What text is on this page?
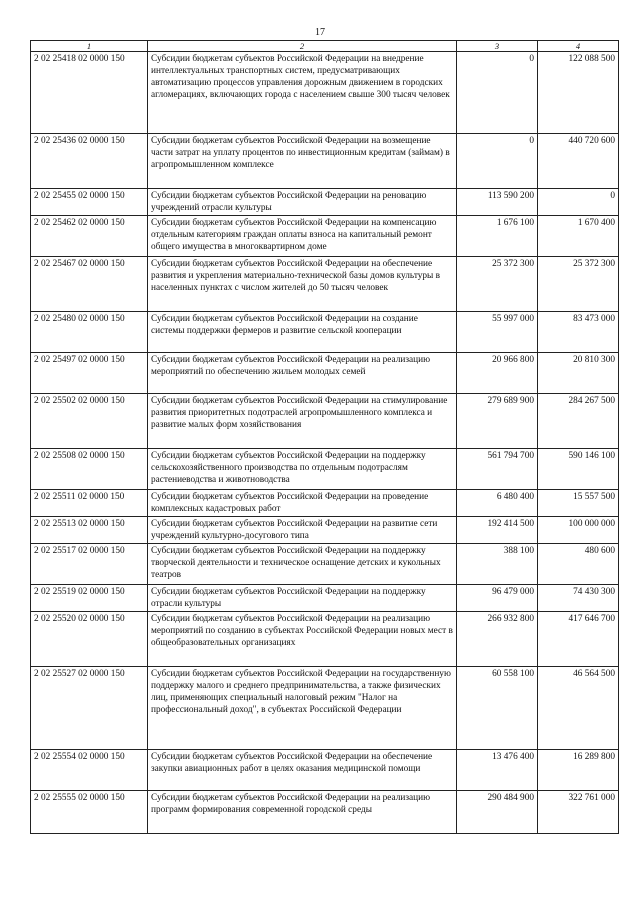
17
1	2	3	4
2 02 25418 02 0000 150	Субсидии бюджетам субъектов Российской Федерации на внедрение интеллектуальных транспортных систем, предусматривающих автоматизацию процессов управления дорожным движением в городских агломерациях, включающих города с населением свыше 300 тысяч человек	0	122 088 500
2 02 25436 02 0000 150	Субсидии бюджетам субъектов Российской Федерации на возмещение части затрат на уплату процентов по инвестиционным кредитам (займам) в агропромышленном комплексе	0	440 720 600
2 02 25455 02 0000 150	Субсидии бюджетам субъектов Российской Федерации на реновацию учреждений отрасли культуры	113 590 200	0
2 02 25462 02 0000 150	Субсидии бюджетам субъектов Российской Федерации на компенсацию отдельным категориям граждан оплаты взноса на капитальный ремонт общего имущества в многоквартирном доме	1 676 100	1 670 400
2 02 25467 02 0000 150	Субсидии бюджетам субъектов Российской Федерации на обеспечение развития и укрепления материально-технической базы домов культуры в населенных пунктах с числом жителей до 50 тысяч человек	25 372 300	25 372 300
2 02 25480 02 0000 150	Субсидии бюджетам субъектов Российской Федерации на создание системы поддержки фермеров и развитие сельской кооперации	55 997 000	83 473 000
2 02 25497 02 0000 150	Субсидии бюджетам субъектов Российской Федерации на реализацию мероприятий по обеспечению жильем молодых семей	20 966 800	20 810 300
2 02 25502 02 0000 150	Субсидии бюджетам субъектов Российской Федерации на стимулирование развития приоритетных подотраслей агропромышленного комплекса и развитие малых форм хозяйствования	279 689 900	284 267 500
2 02 25508 02 0000 150	Субсидии бюджетам субъектов Российской Федерации на поддержку сельскохозяйственного производства по отдельным подотраслям растениеводства и животноводства	561 794 700	590 146 100
2 02 25511 02 0000 150	Субсидии бюджетам субъектов Российской Федерации на проведение комплексных кадастровых работ	6 480 400	15 557 500
2 02 25513 02 0000 150	Субсидии бюджетам субъектов Российской Федерации на развитие сети учреждений культурно-досугового типа	192 414 500	100 000 000
2 02 25517 02 0000 150	Субсидии бюджетам субъектов Российской Федерации на поддержку творческой деятельности и техническое оснащение детских и кукольных театров	388 100	480 600
2 02 25519 02 0000 150	Субсидии бюджетам субъектов Российской Федерации на поддержку отрасли культуры	96 479 000	74 430 300
2 02 25520 02 0000 150	Субсидии бюджетам субъектов Российской Федерации на реализацию мероприятий по созданию в субъектах Российской Федерации новых мест в общеобразовательных организациях	266 932 800	417 646 700
2 02 25527 02 0000 150	Субсидии бюджетам субъектов Российской Федерации на государственную поддержку малого и среднего предпринимательства, а также физических лиц, применяющих специальный налоговый режим "Налог на профессиональный доход", в субъектах Российской Федерации	60 558 100	46 564 500
2 02 25554 02 0000 150	Субсидии бюджетам субъектов Российской Федерации на обеспечение закупки авиационных работ в целях оказания медицинской помощи	13 476 400	16 289 800
2 02 25555 02 0000 150	Субсидии бюджетам субъектов Российской Федерации на реализацию программ формирования современной городской среды	290 484 900	322 761 000
